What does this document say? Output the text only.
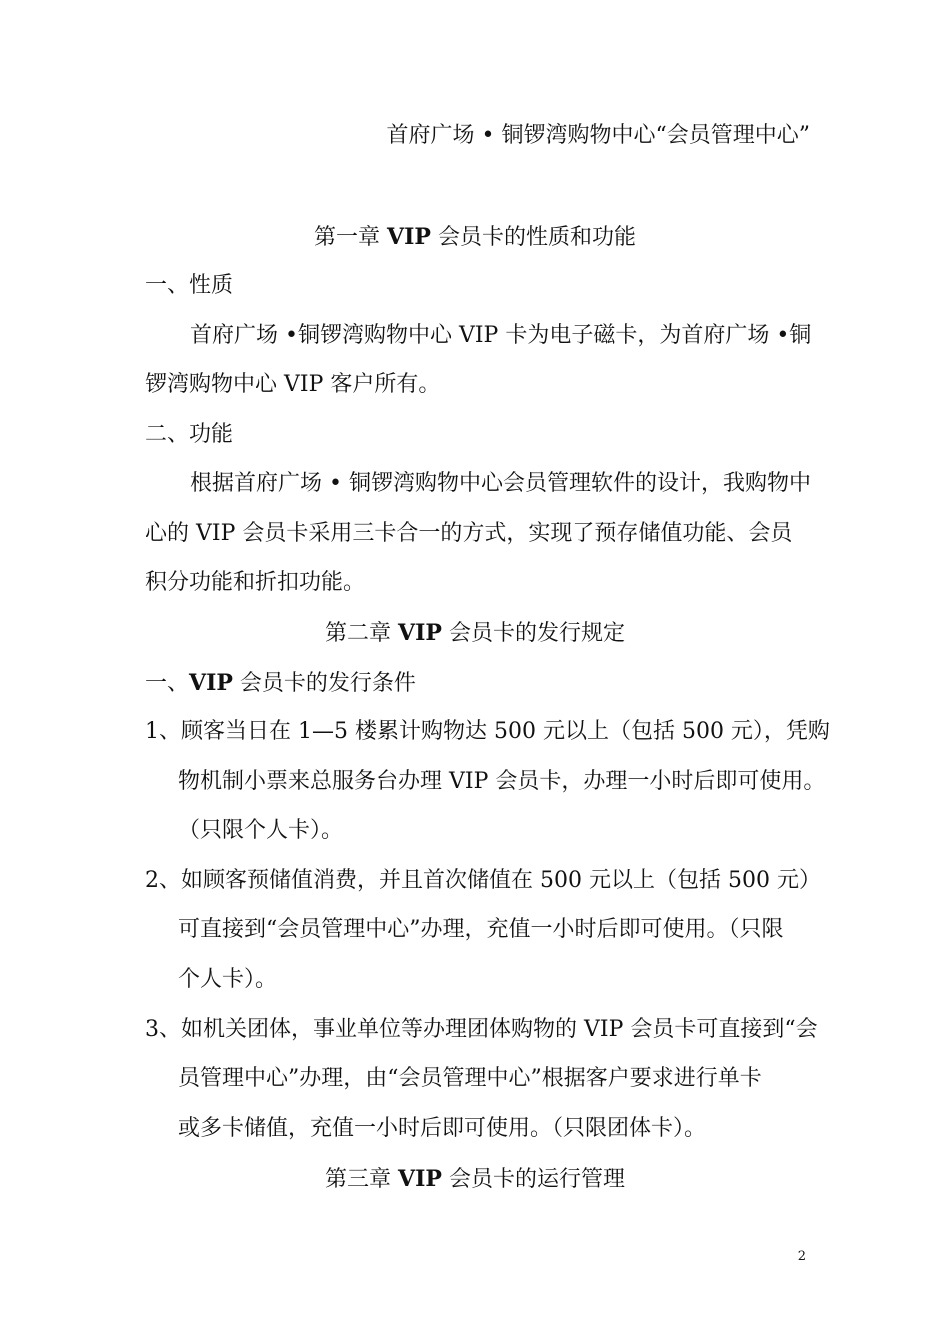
首府广场 • 铜锣湾购物中心“会员管理中心”
第一章 VIP 会员卡的性质和功能
一、性质
首府广场 •铜锣湾购物中心 VIP 卡为电子磁卡，为首府广场 •铜
锣湾购物中心 VIP 客户所有。
二、功能
根据首府广场 • 铜锣湾购物中心会员管理软件的设计，我购物中
心的 VIP 会员卡采用三卡合一的方式，实现了预存储值功能、会员
积分功能和折扣功能。
第二章 VIP 会员卡的发行规定
一、VIP 会员卡的发行条件
1、顾客当日在 1—5 楼累计购物达 500 元以上（包括 500 元），凭购
物机制小票来总服务台办理 VIP 会员卡，办理一小时后即可使用。
（只限个人卡）。
2、如顾客预储值消费，并且首次储值在 500 元以上（包括 500 元）
可直接到“会员管理中心”办理，充值一小时后即可使用。（只限
个人卡）。
3、如机关团体，事业单位等办理团体购物的 VIP 会员卡可直接到“会
员管理中心”办理，由“会员管理中心”根据客户要求进行单卡
或多卡储值，充值一小时后即可使用。（只限团体卡）。
第三章 VIP 会员卡的运行管理
2
